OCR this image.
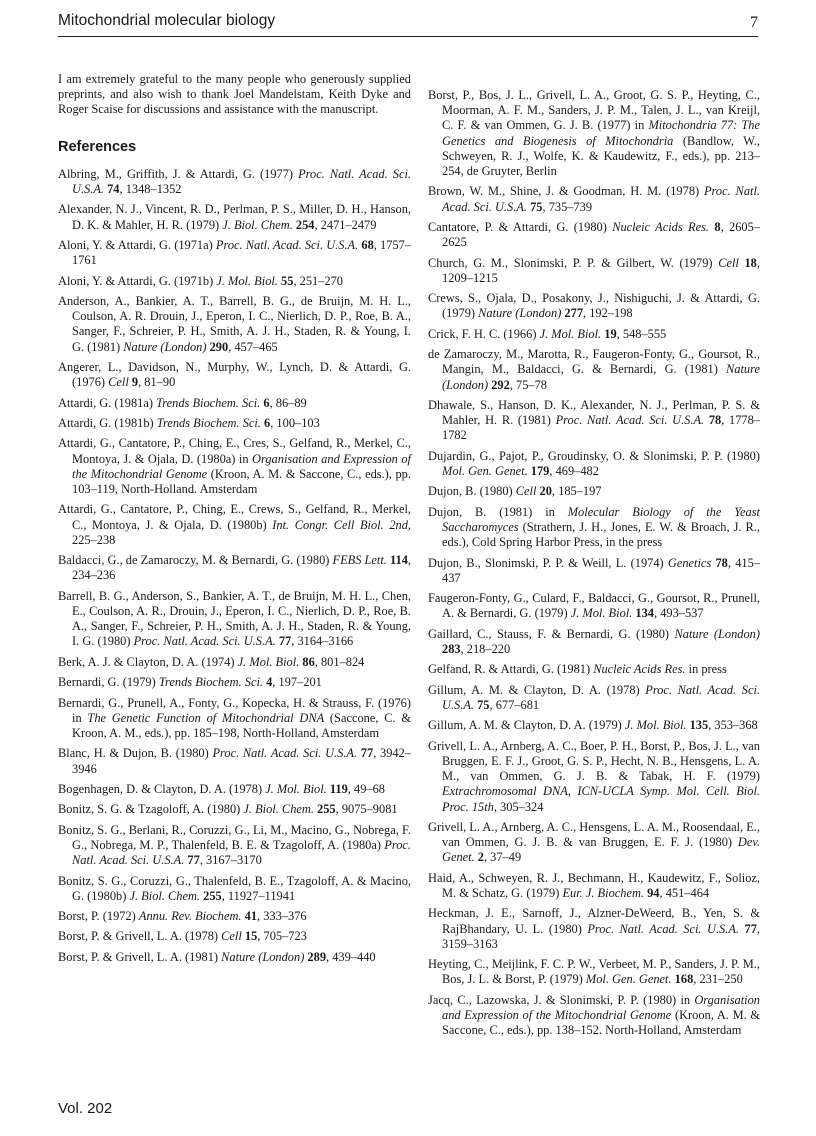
Mitochondrial molecular biology	7

I am extremely grateful to the many people who generously supplied preprints, and also wish to thank Joel Mandelstam, Keith Dyke and Roger Scaise for discussions and assistance with the manuscript.

References

Albring, M., Griffith, J. & Attardi, G. (1977) Proc. Natl. Acad. Sci. U.S.A. 74, 1348–1352

Alexander, N. J., Vincent, R. D., Perlman, P. S., Miller, D. H., Hanson, D. K. & Mahler, H. R. (1979) J. Biol. Chem. 254, 2471–2479

Aloni, Y. & Attardi, G. (1971a) Proc. Natl. Acad. Sci. U.S.A. 68, 1757–1761

Aloni, Y. & Attardi, G. (1971b) J. Mol. Biol. 55, 251–270

Anderson, A., Bankier, A. T., Barrell, B. G., de Bruijn, M. H. L., Coulson, A. R. Drouin, J., Eperon, I. C., Nierlich, D. P., Roe, B. A., Sanger, F., Schreier, P. H., Smith, A. J. H., Staden, R. & Young, I. G. (1981) Nature (London) 290, 457–465

Angerer, L., Davidson, N., Murphy, W., Lynch, D. & Attardi, G. (1976) Cell 9, 81–90

Attardi, G. (1981a) Trends Biochem. Sci. 6, 86–89

Attardi, G. (1981b) Trends Biochem. Sci. 6, 100–103

Attardi, G., Cantatore, P., Ching, E., Cres, S., Gelfand, R., Merkel, C., Montoya, J. & Ojala, D. (1980a) in Organisation and Expression of the Mitochondrial Genome (Kroon, A. M. & Saccone, C., eds.), pp. 103–119, North-Holland. Amsterdam

Attardi, G., Cantatore, P., Ching, E., Crews, S., Gelfand, R., Merkel, C., Montoya, J. & Ojala, D. (1980b) Int. Congr. Cell Biol. 2nd, 225–238

Baldacci, G., de Zamaroczy, M. & Bernardi, G. (1980) FEBS Lett. 114, 234–236

Barrell, B. G., Anderson, S., Bankier, A. T., de Bruijn, M. H. L., Chen, E., Coulson, A. R., Drouin, J., Eperon, I. C., Nierlich, D. P., Roe, B. A., Sanger, F., Schreier, P. H., Smith, A. J. H., Staden, R. & Young, I. G. (1980) Proc. Natl. Acad. Sci. U.S.A. 77, 3164–3166

Berk, A. J. & Clayton, D. A. (1974) J. Mol. Biol. 86, 801–824

Bernardi, G. (1979) Trends Biochem. Sci. 4, 197–201

Bernardi, G., Prunell, A., Fonty, G., Kopecka, H. & Strauss, F. (1976) in The Genetic Function of Mitochondrial DNA (Saccone, C. & Kroon, A. M., eds.), pp. 185–198, North-Holland, Amsterdam

Blanc, H. & Dujon, B. (1980) Proc. Natl. Acad. Sci. U.S.A. 77, 3942–3946

Bogenhagen, D. & Clayton, D. A. (1978) J. Mol. Biol. 119, 49–68

Bonitz, S. G. & Tzagoloff, A. (1980) J. Biol. Chem. 255, 9075–9081

Bonitz, S. G., Berlani, R., Coruzzi, G., Li, M., Macino, G., Nobrega, F. G., Nobrega, M. P., Thalenfeld, B. E. & Tzagoloff, A. (1980a) Proc. Natl. Acad. Sci. U.S.A. 77, 3167–3170

Bonitz, S. G., Coruzzi, G., Thalenfeld, B. E., Tzagoloff, A. & Macino, G. (1980b) J. Biol. Chem. 255, 11927–11941

Borst, P. (1972) Annu. Rev. Biochem. 41, 333–376

Borst, P. & Grivell, L. A. (1978) Cell 15, 705–723

Borst, P. & Grivell, L. A. (1981) Nature (London) 289, 439–440

Borst, P., Bos, J. L., Grivell, L. A., Groot, G. S. P., Heyting, C., Moorman, A. F. M., Sanders, J. P. M., Talen, J. L., van Kreijl, C. F. & van Ommen, G. J. B. (1977) in Mitochondria 77: The Genetics and Biogenesis of Mitochondria (Bandlow, W., Schweyen, R. J., Wolfe, K. & Kaudewitz, F., eds.), pp. 213–254, de Gruyter, Berlin

Brown, W. M., Shine, J. & Goodman, H. M. (1978) Proc. Natl. Acad. Sci. U.S.A. 75, 735–739

Cantatore, P. & Attardi, G. (1980) Nucleic Acids Res. 8, 2605–2625

Church, G. M., Slonimski, P. P. & Gilbert, W. (1979) Cell 18, 1209–1215

Crews, S., Ojala, D., Posakony, J., Nishiguchi, J. & Attardi, G. (1979) Nature (London) 277, 192–198

Crick, F. H. C. (1966) J. Mol. Biol. 19, 548–555

de Zamaroczy, M., Marotta, R., Faugeron-Fonty, G., Goursot, R., Mangin, M., Baldacci, G. & Bernardi, G. (1981) Nature (London) 292, 75–78

Dhawale, S., Hanson, D. K., Alexander, N. J., Perlman, P. S. & Mahler, H. R. (1981) Proc. Natl. Acad. Sci. U.S.A. 78, 1778–1782

Dujardin, G., Pajot, P., Groudinsky, O. & Slonimski, P. P. (1980) Mol. Gen. Genet. 179, 469–482

Dujon, B. (1980) Cell 20, 185–197

Dujon, B. (1981) in Molecular Biology of the Yeast Saccharomyces (Strathern, J. H., Jones, E. W. & Broach, J. R., eds.), Cold Spring Harbor Press, in the press

Dujon, B., Slonimski, P. P. & Weill, L. (1974) Genetics 78, 415–437

Faugeron-Fonty, G., Culard, F., Baldacci, G., Goursot, R., Prunell, A. & Bernardi, G. (1979) J. Mol. Biol. 134, 493–537

Gaillard, C., Stauss, F. & Bernardi, G. (1980) Nature (London) 283, 218–220

Gelfand, R. & Attardi, G. (1981) Nucleic Acids Res. in press

Gillum, A. M. & Clayton, D. A. (1978) Proc. Natl. Acad. Sci. U.S.A. 75, 677–681

Gillum, A. M. & Clayton, D. A. (1979) J. Mol. Biol. 135, 353–368

Grivell, L. A., Arnberg, A. C., Boer, P. H., Borst, P., Bos, J. L., van Bruggen, E. F. J., Groot, G. S. P., Hecht, N. B., Hensgens, L. A. M., van Ommen, G. J. B. & Tabak, H. F. (1979) Extrachromosomal DNA, ICN-UCLA Symp. Mol. Cell. Biol. Proc. 15th, 305–324

Grivell, L. A., Arnberg, A. C., Hensgens, L. A. M., Roosendaal, E., van Ommen, G. J. B. & van Bruggen, E. F. J. (1980) Dev. Genet. 2, 37–49

Haid, A., Schweyen, R. J., Bechmann, H., Kaudewitz, F., Solioz, M. & Schatz, G. (1979) Eur. J. Biochem. 94, 451–464

Heckman, J. E., Sarnoff, J., Alzner-DeWeerd, B., Yen, S. & RajBhandary, U. L. (1980) Proc. Natl. Acad. Sci. U.S.A. 77, 3159–3163

Heyting, C., Meijlink, F. C. P. W., Verbeet, M. P., Sanders, J. P. M., Bos, J. L. & Borst, P. (1979) Mol. Gen. Genet. 168, 231–250

Jacq, C., Lazowska, J. & Slonimski, P. P. (1980) in Organisation and Expression of the Mitochondrial Genome (Kroon, A. M. & Saccone, C., eds.), pp. 138–152. North-Holland, Amsterdam

Vol. 202
